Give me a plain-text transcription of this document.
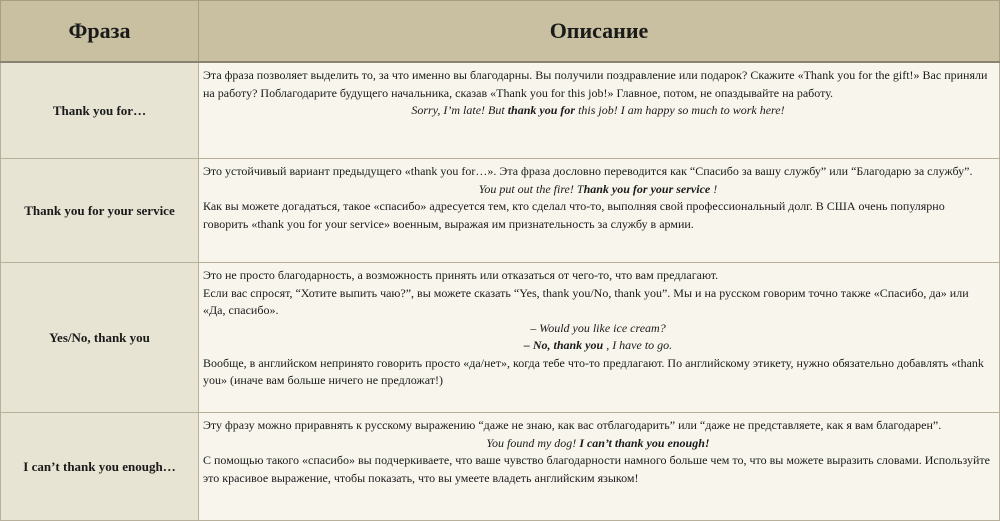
Фраза	Описание
Thank you for…	Эта фраза позволяет выделить то, за что именно вы благодарны. Вы получили поздравление или подарок? Скажите «Thank you for the gift!» Вас приняли на работу? Поблагодарите будущего начальника, сказав «Thank you for this job!» Главное, потом, не опаздывайте на работу.

Sorry, I’m late! But thank you for this job! I am happy so much to work here!

Thank you for your service	Это устойчивый вариант предыдущего «thank you for…». Эта фраза дословно переводится как “Спасибо за вашу службу” или “Благодарю за службу”.

You put out the fire! Thank you for your service !

Как вы можете догадаться, такое «спасибо» адресуется тем, кто сделал что-то, выполняя свой профессиональный долг. В США очень популярно говорить «thank you for your service» военным, выражая им признательность за службу в армии.

Yes/No, thank you	Это не просто благодарность, а возможность принять или отказаться от чего-то, что вам предлагают.

Если вас спросят, “Хотите выпить чаю?”, вы можете сказать “Yes, thank you/No, thank you”. Мы и на русском говорим точно также «Спасибо, да» или «Да, спасибо».

– Would you like ice cream?

– No, thank you , I have to go.

Вообще, в английском непринято говорить просто «да/нет», когда тебе что-то предлагают. По английскому этикету, нужно обязательно добавлять «thank you» (иначе вам больше ничего не предложат!)

I can’t thank you enough…	Эту фразу можно приравнять к русскому выражению “даже не знаю, как вас отблагодарить” или “даже не представляете, как я вам благодарен”.

You found my dog! I can’t thank you enough!

С помощью такого «спасибо» вы подчеркиваете, что ваше чувство благодарности намного больше чем то, что вы можете выразить словами. Используйте это красивое выражение, чтобы показать, что вы умеете владеть английским языком!
